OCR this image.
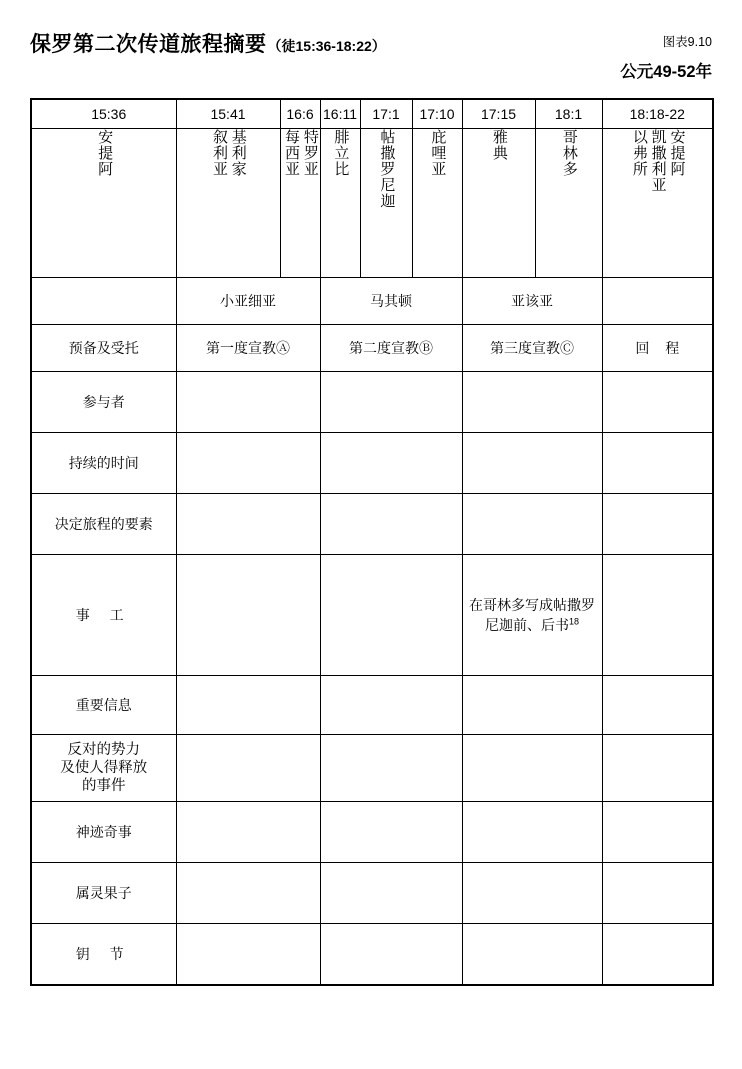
保罗第二次传道旅程摘要 （徒15:36-18:22）	图表9.10
公元49-52年
15:36	15:41	16:6	16:11	17:1	17:10	17:15	18:1	18:18-22

安提阿	叙利亚 基利家	每西亚 特罗亚	腓立比	帖撒罗尼迦	庇哩亚	雅典	哥林多	以弗所 凯撒利亚 安提阿

	小亚细亚		马其顿			亚该亚		
预备及受托	第一度宣教Ⓐ		第二度宣教Ⓑ			第三度宣教Ⓒ		回 程
参与者								
持续的时间								
决定旅程的要素								
事 工						在哥林多写成帖撒罗尼迦前、后书$^{18}$	
重要信息								
反对的势力
及使人得释放
的事件								
神迹奇事								
属灵果子								
钥 节								
